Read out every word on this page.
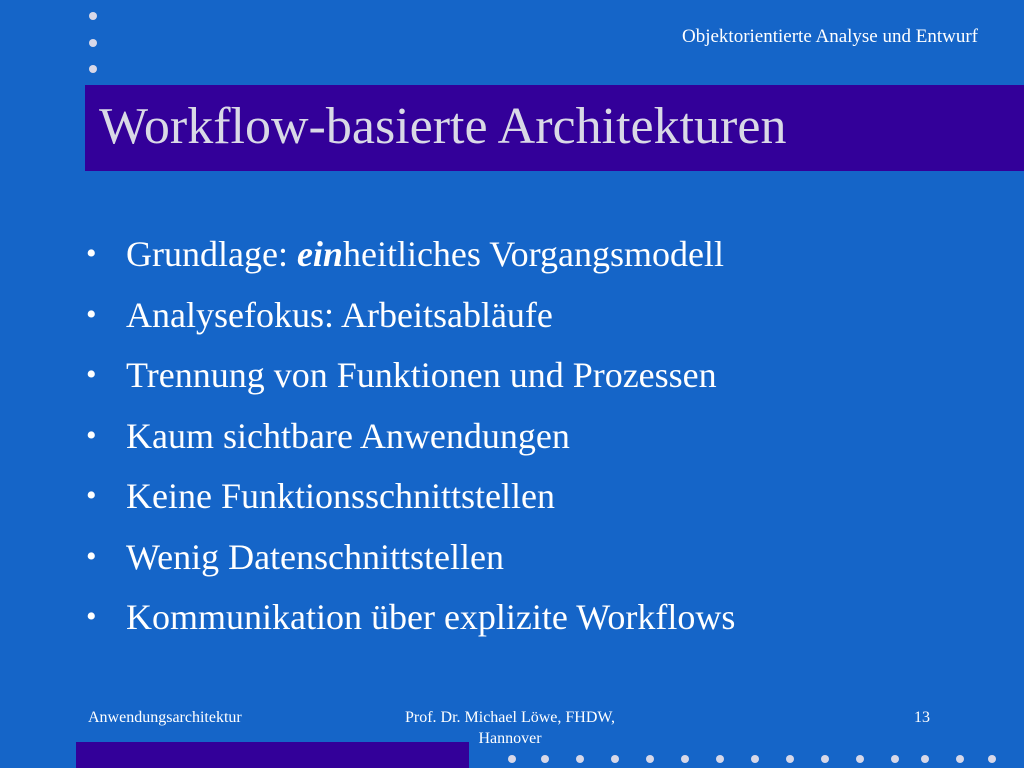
Objektorientierte Analyse und Entwurf
Workflow-basierte Architekturen
• Grundlage: einheitliches Vorgangsmodell
• Analysefokus: Arbeitsabläufe
• Trennung von Funktionen und Prozessen
• Kaum sichtbare Anwendungen
• Keine Funktionsschnittstellen
• Wenig Datenschnittstellen
• Kommunikation über explizite Workflows
Anwendungsarchitektur	Prof. Dr. Michael Löwe, FHDW,
Hannover
13
